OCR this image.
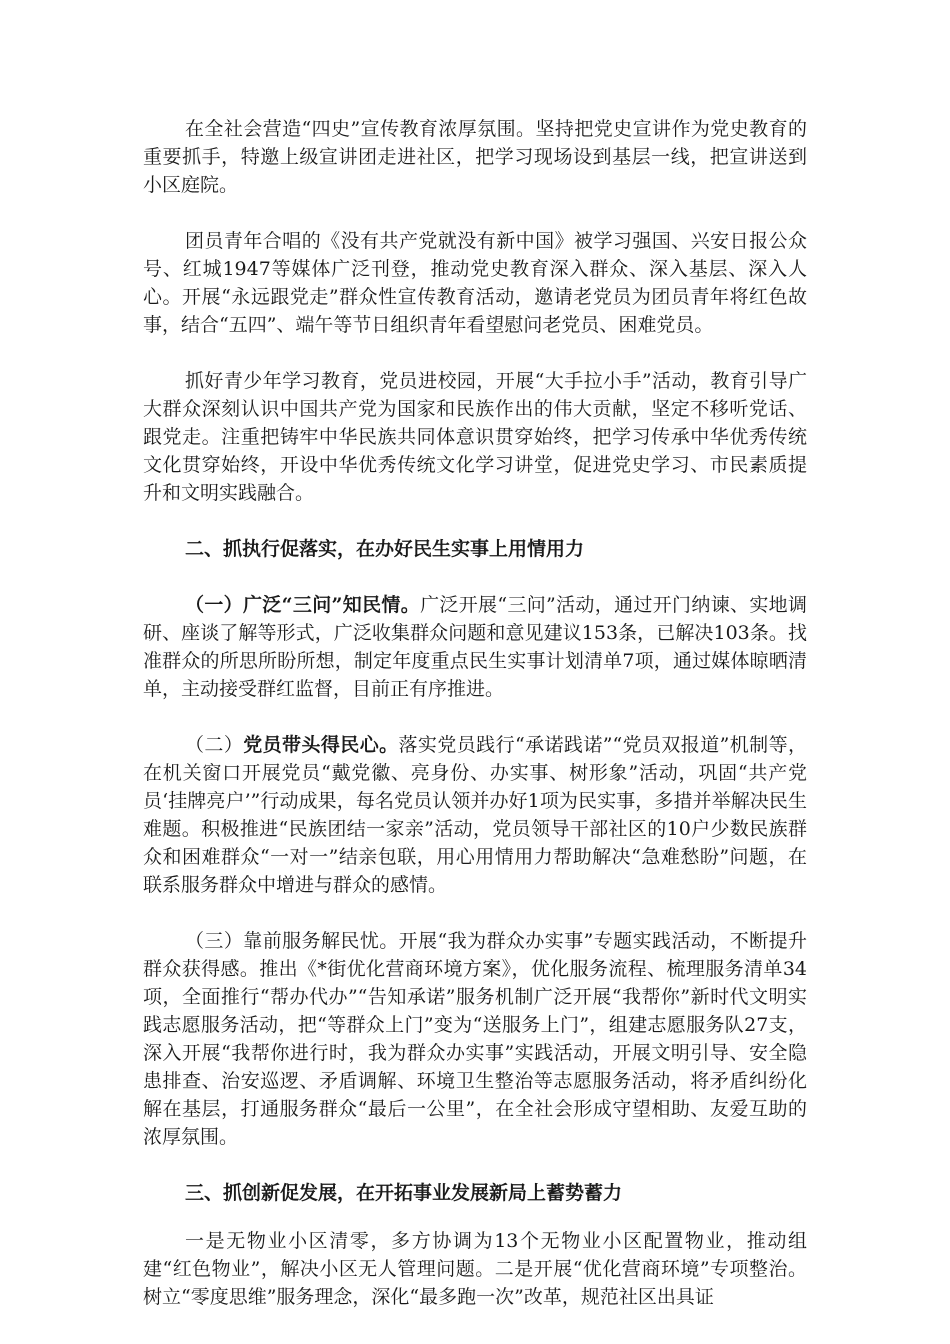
在全社会营造“四史”宣传教育浓厚氛围。坚持把党史宣讲作为党史教育的重要抓手，特邀上级宣讲团走进社区，把学习现场设到基层一线，把宣讲送到小区庭院。

团员青年合唱的《没有共产党就没有新中国》被学习强国、兴安日报公众号、红城1947等媒体广泛刊登，推动党史教育深入群众、深入基层、深入人心。开展“永远跟党走”群众性宣传教育活动，邀请老党员为团员青年将红色故事，结合“五四”、端午等节日组织青年看望慰问老党员、困难党员。

抓好青少年学习教育，党员进校园，开展“大手拉小手”活动，教育引导广大群众深刻认识中国共产党为国家和民族作出的伟大贡献，坚定不移听党话、跟党走。注重把铸牢中华民族共同体意识贯穿始终，把学习传承中华优秀传统文化贯穿始终，开设中华优秀传统文化学习讲堂，促进党史学习、市民素质提升和文明实践融合。

二、抓执行促落实，在办好民生实事上用情用力

（一）广泛“三问”知民情。广泛开展“三问”活动，通过开门纳谏、实地调研、座谈了解等形式，广泛收集群众问题和意见建议153条，已解决103条。找准群众的所思所盼所想，制定年度重点民生实事计划清单7项，通过媒体晾晒清单，主动接受群红监督，目前正有序推进。

（二）党员带头得民心。落实党员践行“承诺践诺”“党员双报道”机制等，在机关窗口开展党员“戴党徽、亮身份、办实事、树形象”活动，巩固“共产党员‘挂牌亮户’”行动成果，每名党员认领并办好1项为民实事，多措并举解决民生难题。积极推进“民族团结一家亲”活动，党员领导干部社区的10户少数民族群众和困难群众“一对一”结亲包联，用心用情用力帮助解决“急难愁盼”问题，在联系服务群众中增进与群众的感情。

（三）靠前服务解民忧。开展“我为群众办实事”专题实践活动，不断提升群众获得感。推出《*街优化营商环境方案》，优化服务流程、梳理服务清单34项，全面推行“帮办代办”“告知承诺”服务机制广泛开展“我帮你”新时代文明实践志愿服务活动，把“等群众上门”变为“送服务上门”，组建志愿服务队27支，深入开展“我帮你进行时，我为群众办实事”实践活动，开展文明引导、安全隐患排查、治安巡逻、矛盾调解、环境卫生整治等志愿服务活动，将矛盾纠纷化解在基层，打通服务群众“最后一公里”，在全社会形成守望相助、友爱互助的浓厚氛围。

三、抓创新促发展，在开拓事业发展新局上蓄势蓄力

一是无物业小区清零，多方协调为13个无物业小区配置物业，推动组建“红色物业”，解决小区无人管理问题。二是开展“优化营商环境”专项整治。树立“零度思维”服务理念，深化“最多跑一次”改革，规范社区出具证
